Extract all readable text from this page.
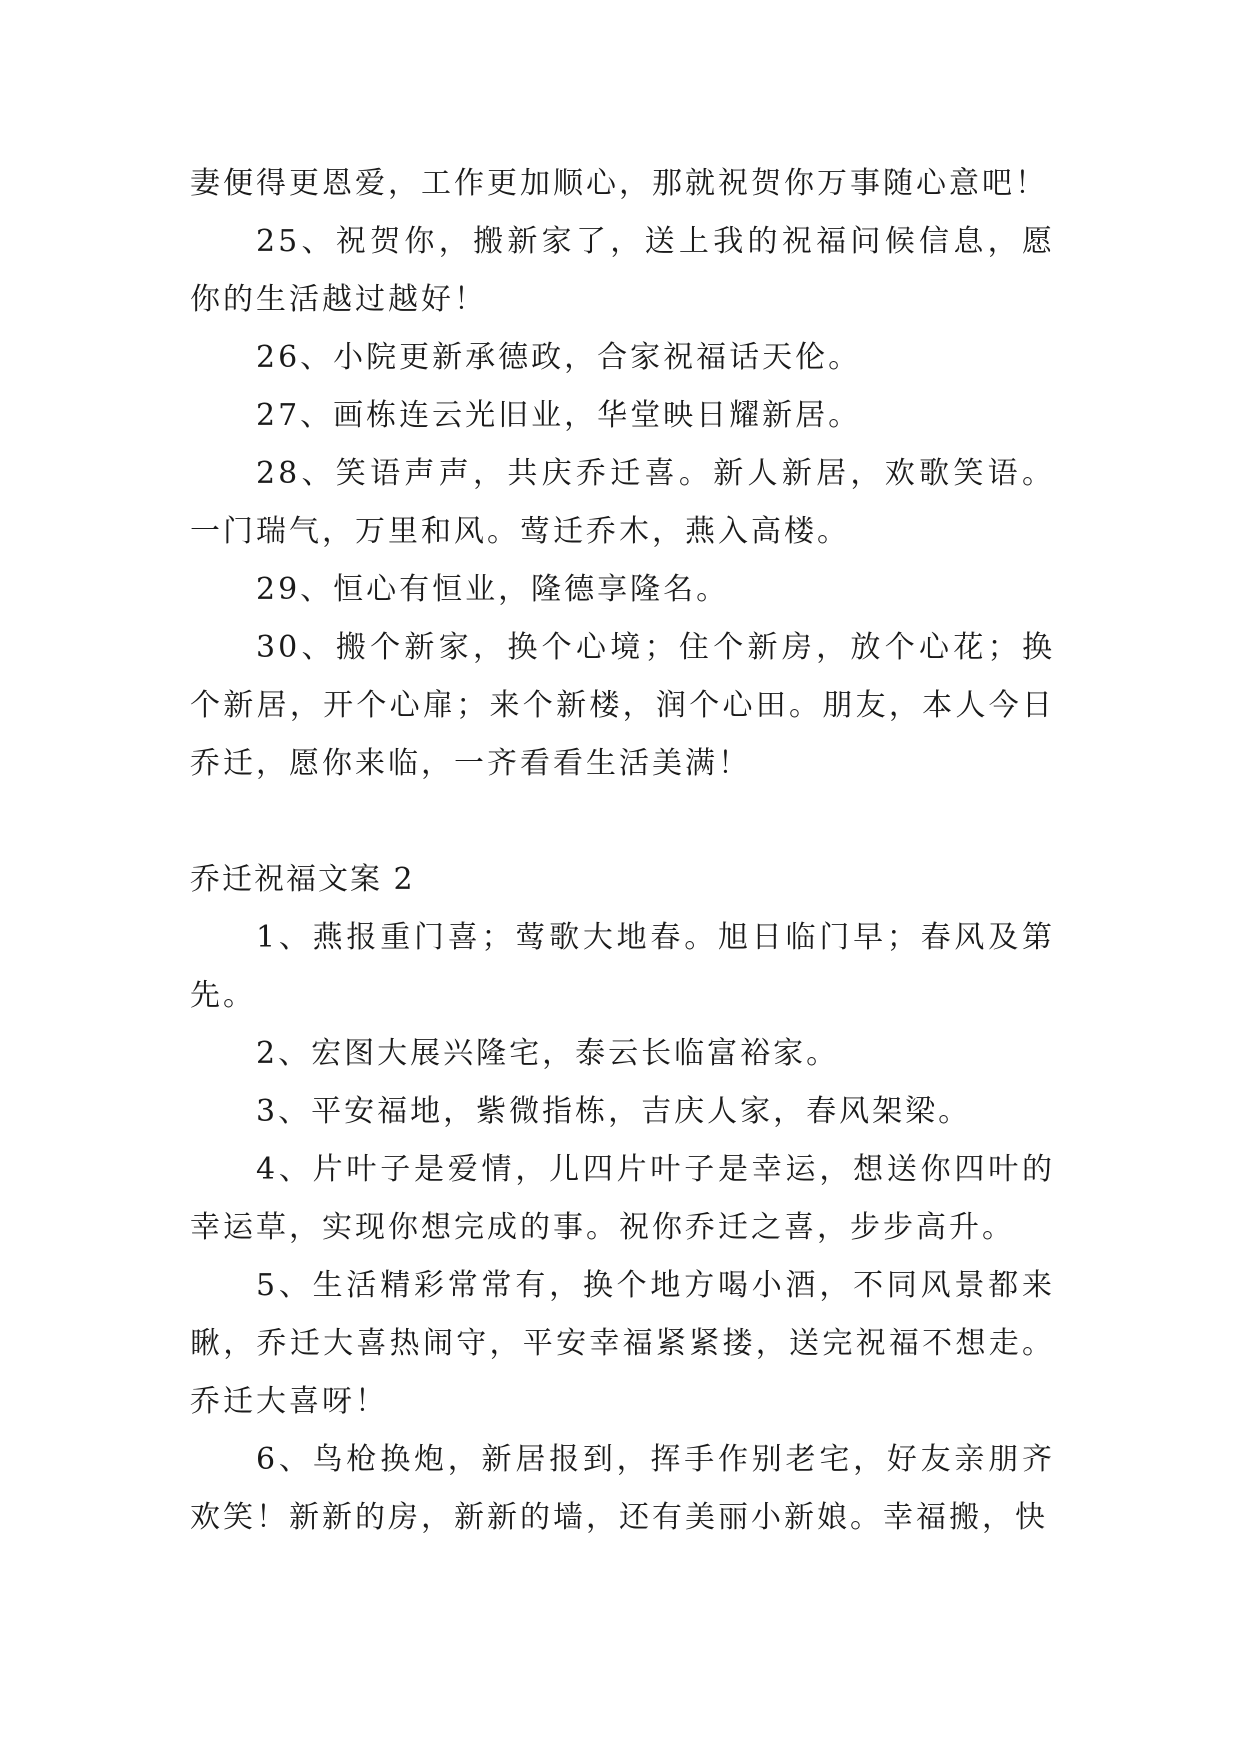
妻便得更恩爱，工作更加顺心，那就祝贺你万事随心意吧！

25、祝贺你，搬新家了，送上我的祝福问候信息，愿你的生活越过越好！

26、小院更新承德政，合家祝福话天伦。

27、画栋连云光旧业，华堂映日耀新居。

28、笑语声声，共庆乔迁喜。新人新居，欢歌笑语。一门瑞气，万里和风。莺迁乔木，燕入高楼。

29、恒心有恒业，隆德享隆名。

30、搬个新家，换个心境；住个新房，放个心花；换个新居，开个心扉；来个新楼，润个心田。朋友，本人今日乔迁，愿你来临，一齐看看生活美满！

乔迁祝福文案 2

1、燕报重门喜；莺歌大地春。旭日临门早；春风及第先。

2、宏图大展兴隆宅，泰云长临富裕家。

3、平安福地，紫微指栋，吉庆人家，春风架梁。

4、片叶子是爱情，儿四片叶子是幸运，想送你四叶的幸运草，实现你想完成的事。祝你乔迁之喜，步步高升。

5、生活精彩常常有，换个地方喝小酒，不同风景都来瞅，乔迁大喜热闹守，平安幸福紧紧搂，送完祝福不想走。乔迁大喜呀！

6、鸟枪换炮，新居报到，挥手作别老宅，好友亲朋齐欢笑！新新的房，新新的墙，还有美丽小新娘。幸福搬，快
